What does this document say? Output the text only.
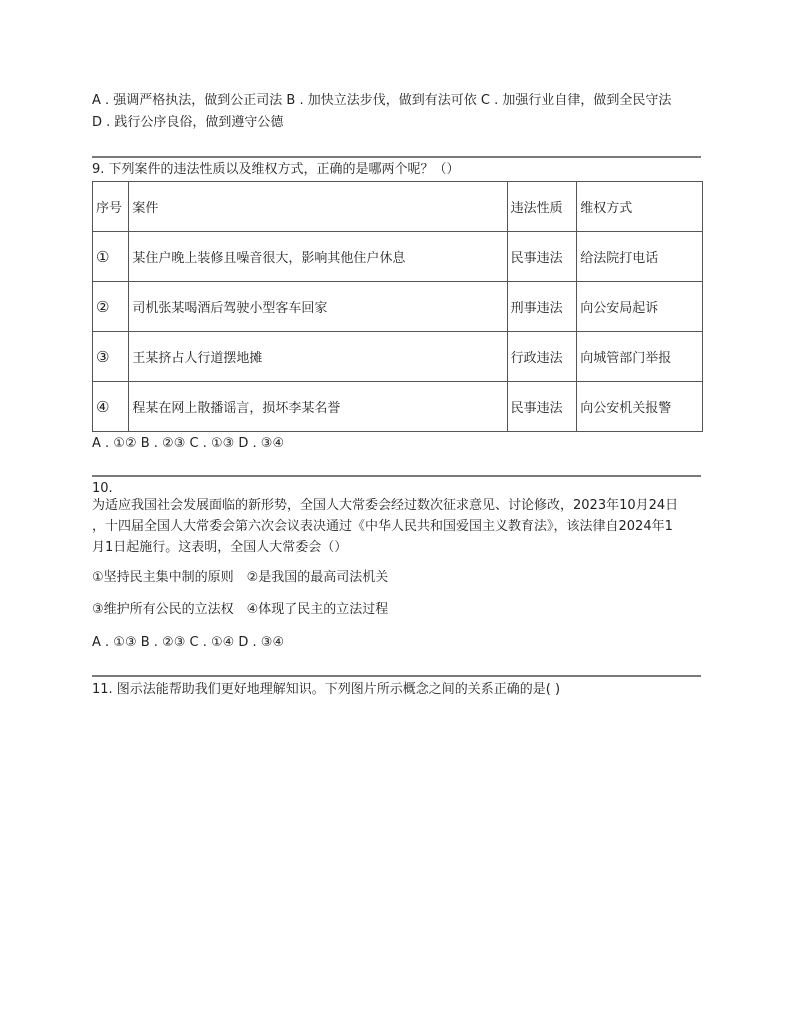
A . 强调严格执法，做到公正司法 B . 加快立法步伐，做到有法可依 C . 加强行业自律，做到全民守法
D . 践行公序良俗，做到遵守公德
9. 下列案件的违法性质以及维权方式，正确的是哪两个呢？（）
序号	案件	违法性质	维权方式
①	某住户晚上装修且噪音很大，影响其他住户休息	民事违法	给法院打电话
②	司机张某喝酒后驾驶小型客车回家	刑事违法	向公安局起诉
③	王某挤占人行道摆地摊	行政违法	向城管部门举报
④	程某在网上散播谣言，损坏李某名誉	民事违法	向公安机关报警
A . ①② B . ②③ C . ①③ D . ③④
10.
为适应我国社会发展面临的新形势，全国人大常委会经过数次征求意见、讨论修改，2023年10月24日
，十四届全国人大常委会第六次会议表决通过《中华人民共和国爱国主义教育法》，该法律自2024年1
月1日起施行。这表明，全国人大常委会（）
①坚持民主集中制的原则　②是我国的最高司法机关
③维护所有公民的立法权　④体现了民主的立法过程
A . ①③ B . ②③ C . ①④ D . ③④
11. 图示法能帮助我们更好地理解知识。下列图片所示概念之间的关系正确的是( )
